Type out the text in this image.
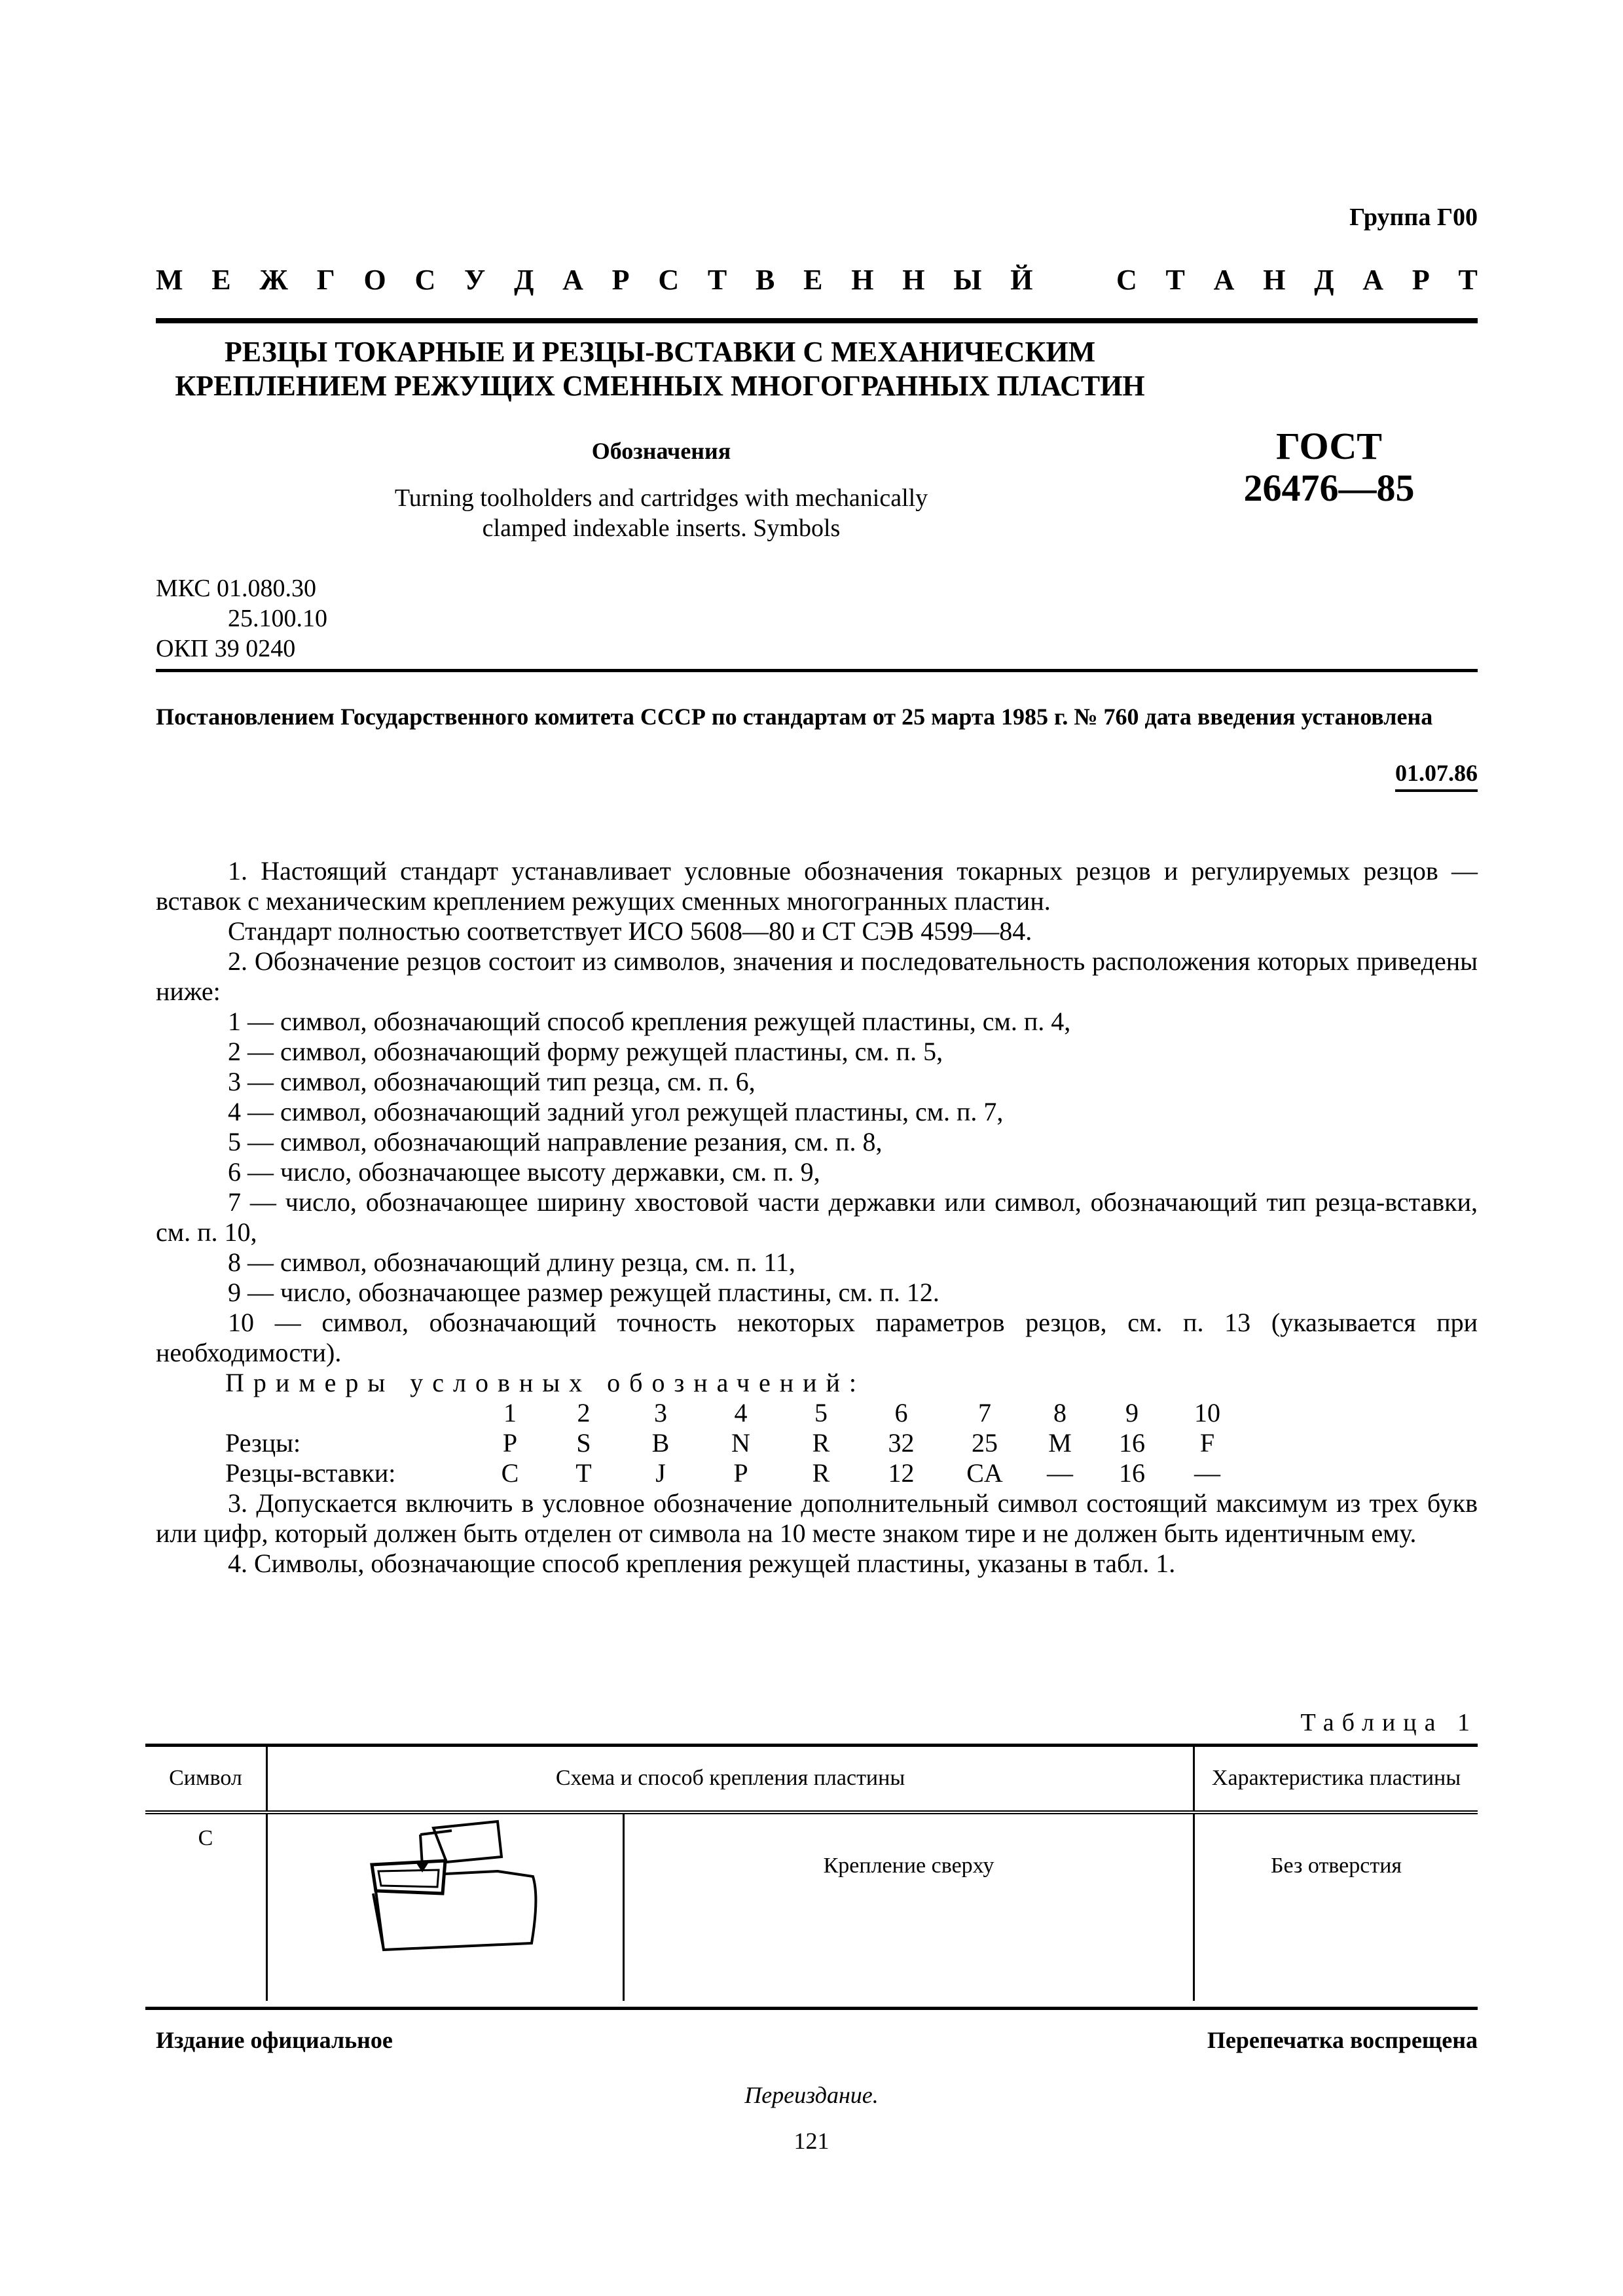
Группа Г00
М Е Ж Г О С У Д А Р С Т В Е Н Н Ы Й	С Т А Н Д А Р Т
РЕЗЦЫ ТОКАРНЫЕ И РЕЗЦЫ-ВСТАВКИ С МЕХАНИЧЕСКИМ
КРЕПЛЕНИЕМ РЕЖУЩИХ СМЕННЫХ МНОГОГРАННЫХ ПЛАСТИН
Обозначения
Turning toolholders and cartridges with mechanically
clamped indexable inserts. Symbols
ГОСТ
26476—85
МКС 01.080.30
25.100.10
ОКП 39 0240
Постановлением Государственного комитета СССР по стандартам от 25 марта 1985 г. № 760 дата введения установлена
01.07.86

1. Настоящий стандарт устанавливает условные обозначения токарных резцов и регулируемых резцов — вставок с механическим креплением режущих сменных многогранных пластин.

Стандарт полностью соответствует ИСО 5608—80 и СТ СЭВ 4599—84.

2. Обозначение резцов состоит из символов, значения и последовательность расположения которых приведены ниже:

1 — символ, обозначающий способ крепления режущей пластины, см. п. 4,

2 — символ, обозначающий форму режущей пластины, см. п. 5,

3 — символ, обозначающий тип резца, см. п. 6,

4 — символ, обозначающий задний угол режущей пластины, см. п. 7,

5 — символ, обозначающий направление резания, см. п. 8,

6 — число, обозначающее высоту державки, см. п. 9,

7 — число, обозначающее ширину хвостовой части державки или символ, обозначающий тип резца-вставки, см. п. 10,

8 — символ, обозначающий длину резца, см. п. 11,

9 — число, обозначающее размер режущей пластины, см. п. 12.

10 — символ, обозначающий точность некоторых параметров резцов, см. п. 13 (указывается при необходимости).

Примеры условных обозначений:

	1	2	3	4	5	6	7	8	9	10
Резцы:	P	S	B	N	R	32	25	M	16	F
Резцы-вставки:	C	T	J	P	R	12	CA	—	16	—

3. Допускается включить в условное обозначение дополнительный символ состоящий максимум из трех букв или цифр, который должен быть отделен от символа на 10 месте знаком тире и не должен быть идентичным ему.

4. Символы, обозначающие способ крепления режущей пластины, указаны в табл. 1.

Таблица 1
Символ	Схема и способ крепления пластины		Характеристика пластины
C		Крепление сверху	Без отверстия
Издание официальное	Перепечатка воспрещена
Переиздание.
121
